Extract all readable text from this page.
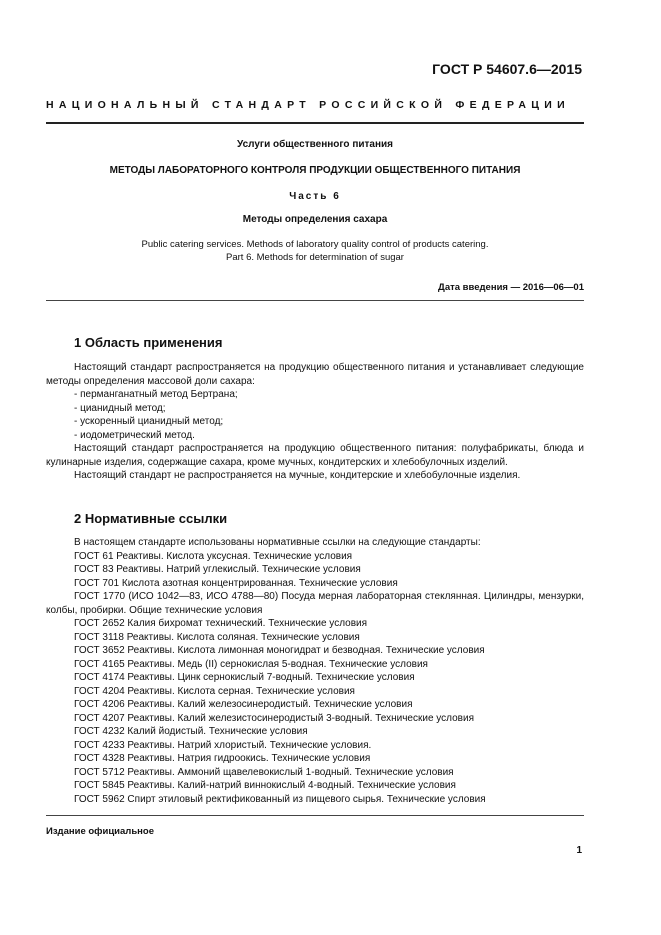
ГОСТ Р 54607.6—2015
НАЦИОНАЛЬНЫЙ СТАНДАРТ РОССИЙСКОЙ ФЕДЕРАЦИИ
Услуги общественного питания
МЕТОДЫ ЛАБОРАТОРНОГО КОНТРОЛЯ ПРОДУКЦИИ ОБЩЕСТВЕННОГО ПИТАНИЯ
Часть 6
Методы определения сахара
Public catering services. Methods of laboratory quality control of products catering.
Part 6. Methods for determination of sugar
Дата введения — 2016—06—01
1 Область применения

Настоящий стандарт распространяется на продукцию общественного питания и устанавливает следующие методы определения массовой доли сахара:

- перманганатный метод Бертрана;

- цианидный метод;

- ускоренный цианидный метод;

- иодометрический метод.

Настоящий стандарт распространяется на продукцию общественного питания: полуфабрикаты, блюда и кулинарные изделия, содержащие сахара, кроме мучных, кондитерских и хлебобулочных изделий.

Настоящий стандарт не распространяется на мучные, кондитерские и хлебобулочные изделия.

2 Нормативные ссылки

В настоящем стандарте использованы нормативные ссылки на следующие стандарты:

ГОСТ 61 Реактивы. Кислота уксусная. Технические условия

ГОСТ 83 Реактивы. Натрий углекислый. Технические условия

ГОСТ 701 Кислота азотная концентрированная. Технические условия

ГОСТ 1770 (ИСО 1042—83, ИСО 4788—80) Посуда мерная лабораторная стеклянная. Цилиндры, мензурки, колбы, пробирки. Общие технические условия

ГОСТ 2652 Калия бихромат технический. Технические условия

ГОСТ 3118 Реактивы. Кислота соляная. Технические условия

ГОСТ 3652 Реактивы. Кислота лимонная моногидрат и безводная. Технические условия

ГОСТ 4165 Реактивы. Медь (II) сернокислая 5-водная. Технические условия

ГОСТ 4174 Реактивы. Цинк сернокислый 7-водный. Технические условия

ГОСТ 4204 Реактивы. Кислота серная. Технические условия

ГОСТ 4206 Реактивы. Калий железосинеродистый. Технические условия

ГОСТ 4207 Реактивы. Калий железистосинеродистый 3-водный. Технические условия

ГОСТ 4232 Калий йодистый. Технические условия

ГОСТ 4233 Реактивы. Натрий хлористый. Технические условия.

ГОСТ 4328 Реактивы. Натрия гидроокись. Технические условия

ГОСТ 5712 Реактивы. Аммоний щавелевокислый 1-водный. Технические условия

ГОСТ 5845 Реактивы. Калий-натрий виннокислый 4-водный. Технические условия

ГОСТ 5962 Спирт этиловый ректификованный из пищевого сырья. Технические условия

Издание официальное
1
